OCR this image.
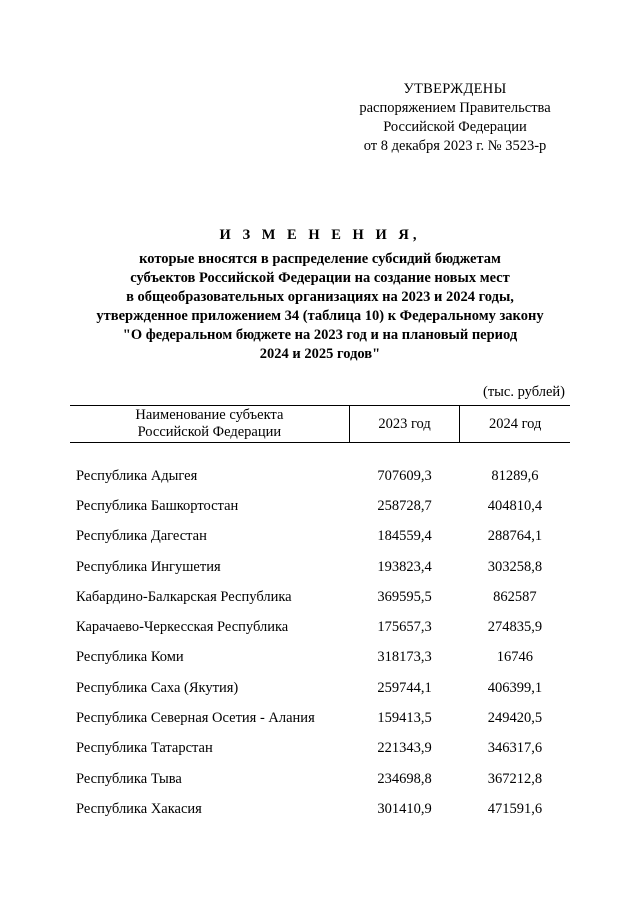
УТВЕРЖДЕНЫ
распоряжением Правительства
Российской Федерации
от 8 декабря 2023 г. № 3523-р
И З М Е Н Е Н И Я,
которые вносятся в распределение субсидий бюджетам
субъектов Российской Федерации на создание новых мест
в общеобразовательных организациях на 2023 и 2024 годы,
утвержденное приложением 34 (таблица 10) к Федеральному закону
"О федеральном бюджете на 2023 год и на плановый период
2024 и 2025 годов"
(тыс. рублей)
Наименование субъекта
Российской Федерации	2023 год	2024 год

Республика Адыгея	707609,3	81289,6
Республика Башкортостан	258728,7	404810,4
Республика Дагестан	184559,4	288764,1
Республика Ингушетия	193823,4	303258,8
Кабардино-Балкарская Республика	369595,5	862587
Карачаево-Черкесская Республика	175657,3	274835,9
Республика Коми	318173,3	16746
Республика Саха (Якутия)	259744,1	406399,1
Республика Северная Осетия - Алания	159413,5	249420,5
Республика Татарстан	221343,9	346317,6
Республика Тыва	234698,8	367212,8
Республика Хакасия	301410,9	471591,6
